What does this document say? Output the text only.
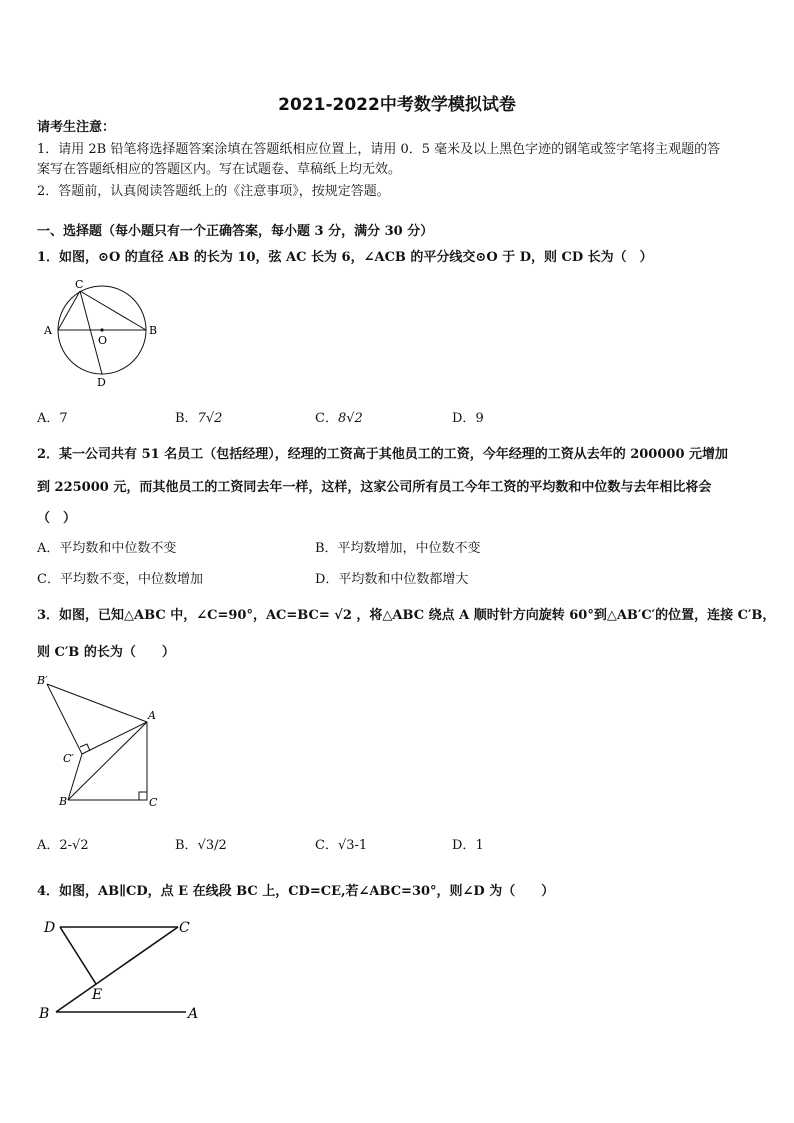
2021-2022中考数学模拟试卷
请考生注意：
1．请用 2B 铅笔将选择题答案涂填在答题纸相应位置上，请用 0．5 毫米及以上黑色字迹的钢笔或签字笔将主观题的答
案写在答题纸相应的答题区内。写在试题卷、草稿纸上均无效。
2．答题前，认真阅读答题纸上的《注意事项》，按规定答题。
一、选择题（每小题只有一个正确答案，每小题 3 分，满分 30 分）
1．如图，⊙O 的直径 AB 的长为 10，弦 AC 长为 6，∠ACB 的平分线交⊙O 于 D，则 CD 长为（　）
C
A	B
O
D
A．7	B．7√2	C．8√2	D．9
2．某一公司共有 51 名员工（包括经理），经理的工资高于其他员工的工资，今年经理的工资从去年的 200000 元增加
到 225000 元，而其他员工的工资同去年一样，这样，这家公司所有员工今年工资的平均数和中位数与去年相比将会
（　）
A．平均数和中位数不变	B．平均数增加，中位数不变
C．平均数不变，中位数增加	D．平均数和中位数都增大
3．如图，已知△ABC 中，∠C=90°，AC=BC= √2 ，将△ABC 绕点 A 顺时针方向旋转 60°到△AB′C′的位置，连接 C′B，
则 C′B 的长为（　　）
B′
A
C′
B	C
A．2-√2	B．√3/2	C．√3-1	D．1
4．如图，AB∥CD，点 E 在线段 BC 上，CD=CE,若∠ABC=30°，则∠D 为（　　）
D	C
E
B	A
